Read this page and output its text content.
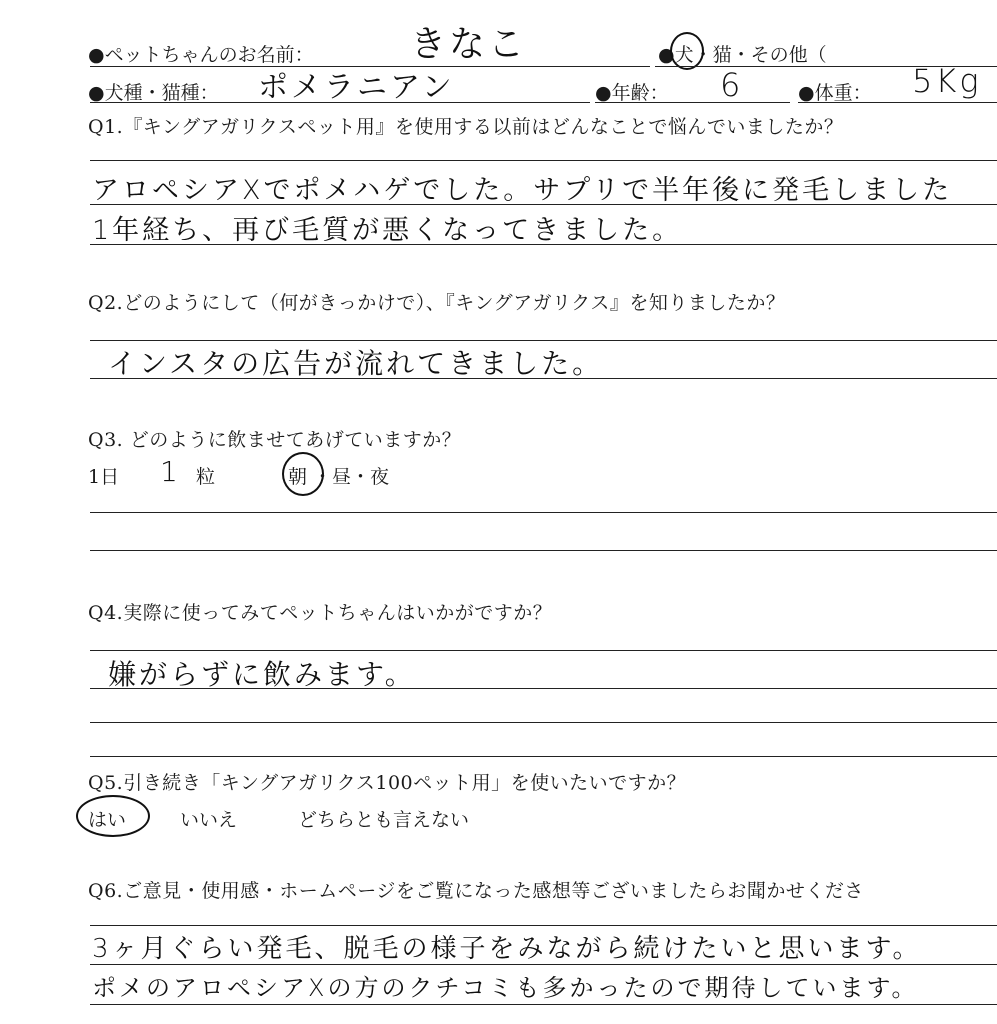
●ペットちゃんのお名前：	きなこ	●犬・猫・その他（
●犬種・猫種： ポメラニアン	●年齢： 6	●体重： 5Kg
Q1.『キングアガリクスペット用』を使用する以前はどんなことで悩んでいましたか？
アロペシアXでポメハゲでした。サプリで半年後に発毛しました
1年経ち、再び毛質が悪くなってきました。
Q2.どのようにして（何がきっかけで）、『キングアガリクス』を知りましたか？
インスタの広告が流れてきました。
Q3. どのように飲ませてあげていますか？
1日 1 粒	朝 ・昼・夜
Q4.実際に使ってみてペットちゃんはいかがですか？
嫌がらずに飲みます。
Q5.引き続き「キングアガリクス100ペット用」を使いたいですか？
はい	いいえ	どちらとも言えない
Q6.ご意見・使用感・ホームページをご覧になった感想等ございましたらお聞かせくださ
3ヶ月ぐらい発毛、脱毛の様子をみながら続けたいと思います。
ポメのアロペシアXの方のクチコミも多かったので期待しています。
